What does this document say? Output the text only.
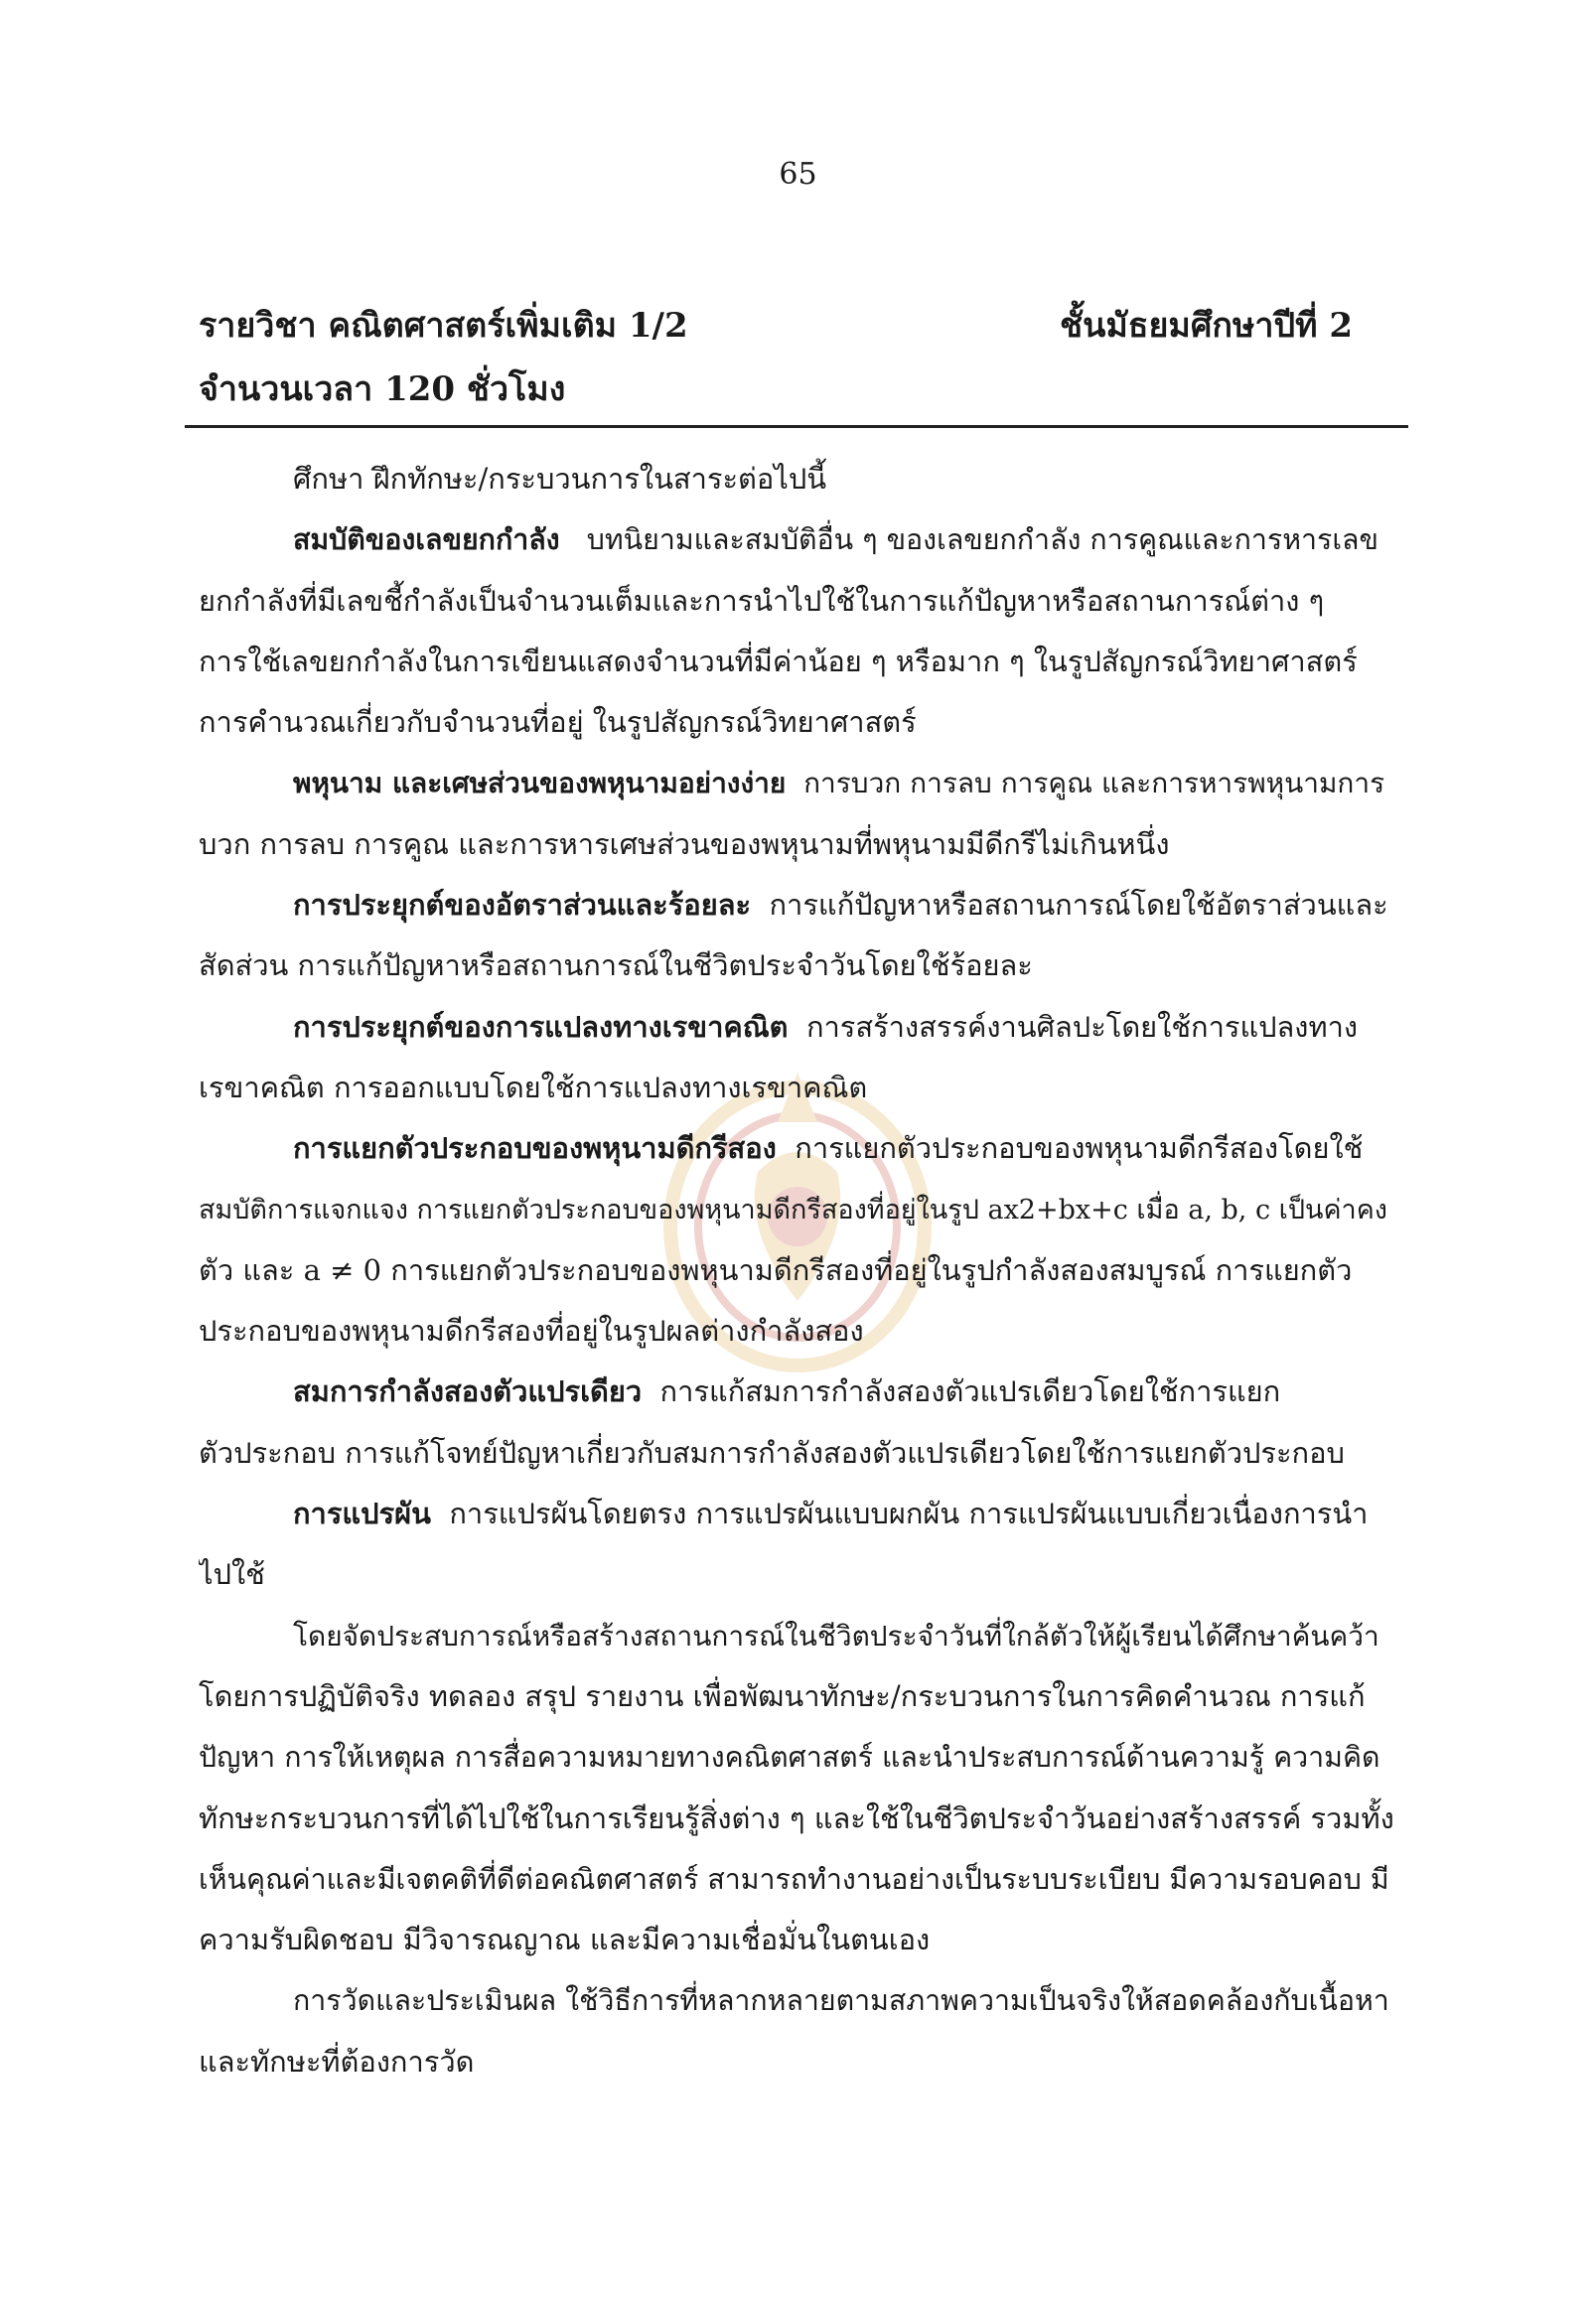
65
รายวิชา คณิตศาสตร์เพิ่มเติม 1/2	ชั้นมัธยมศึกษาปีที่ 2
จำนวนเวลา 120 ชั่วโมง
ศึกษา ฝึกทักษะ/กระบวนการในสาระต่อไปนี้
สมบัติของเลขยกกำลัง บทนิยามและสมบัติอื่น ๆ ของเลขยกกำลัง การคูณและการหารเลข
ยกกำลังที่มีเลขชี้กำลังเป็นจำนวนเต็มและการนำไปใช้ในการแก้ปัญหาหรือสถานการณ์ต่าง ๆ
การใช้เลขยกกำลังในการเขียนแสดงจำนวนที่มีค่าน้อย ๆ หรือมาก ๆ ในรูปสัญกรณ์วิทยาศาสตร์
การคำนวณเกี่ยวกับจำนวนที่อยู่ ในรูปสัญกรณ์วิทยาศาสตร์
พหุนาม และเศษส่วนของพหุนามอย่างง่าย การบวก การลบ การคูณ และการหารพหุนามการ
บวก การลบ การคูณ และการหารเศษส่วนของพหุนามที่พหุนามมีดีกรีไม่เกินหนึ่ง
การประยุกต์ของอัตราส่วนและร้อยละ การแก้ปัญหาหรือสถานการณ์โดยใช้อัตราส่วนและ
สัดส่วน การแก้ปัญหาหรือสถานการณ์ในชีวิตประจำวันโดยใช้ร้อยละ
การประยุกต์ของการแปลงทางเรขาคณิต การสร้างสรรค์งานศิลปะโดยใช้การแปลงทาง
เรขาคณิต การออกแบบโดยใช้การแปลงทางเรขาคณิต
การแยกตัวประกอบของพหุนามดีกรีสอง การแยกตัวประกอบของพหุนามดีกรีสองโดยใช้
สมบัติการแจกแจง การแยกตัวประกอบของพหุนามดีกรีสองที่อยู่ในรูป ax2+bx+c เมื่อ a, b, c เป็นค่าคง
ตัว และ a ≠ 0 การแยกตัวประกอบของพหุนามดีกรีสองที่อยู่ในรูปกำลังสองสมบูรณ์ การแยกตัว
ประกอบของพหุนามดีกรีสองที่อยู่ในรูปผลต่างกำลังสอง
สมการกำลังสองตัวแปรเดียว การแก้สมการกำลังสองตัวแปรเดียวโดยใช้การแยก
ตัวประกอบ การแก้โจทย์ปัญหาเกี่ยวกับสมการกำลังสองตัวแปรเดียวโดยใช้การแยกตัวประกอบ
การแปรผัน การแปรผันโดยตรง การแปรผันแบบผกผัน การแปรผันแบบเกี่ยวเนื่องการนำ
ไปใช้
โดยจัดประสบการณ์หรือสร้างสถานการณ์ในชีวิตประจำวันที่ใกล้ตัวให้ผู้เรียนได้ศึกษาค้นคว้า
โดยการปฏิบัติจริง ทดลอง สรุป รายงาน เพื่อพัฒนาทักษะ/กระบวนการในการคิดคำนวณ การแก้
ปัญหา การให้เหตุผล การสื่อความหมายทางคณิตศาสตร์ และนำประสบการณ์ด้านความรู้ ความคิด
ทักษะกระบวนการที่ได้ไปใช้ในการเรียนรู้สิ่งต่าง ๆ และใช้ในชีวิตประจำวันอย่างสร้างสรรค์ รวมทั้ง
เห็นคุณค่าและมีเจตคติที่ดีต่อคณิตศาสตร์ สามารถทำงานอย่างเป็นระบบระเบียบ มีความรอบคอบ มี
ความรับผิดชอบ มีวิจารณญาณ และมีความเชื่อมั่นในตนเอง
การวัดและประเมินผล ใช้วิธีการที่หลากหลายตามสภาพความเป็นจริงให้สอดคล้องกับเนื้อหา
และทักษะที่ต้องการวัด
